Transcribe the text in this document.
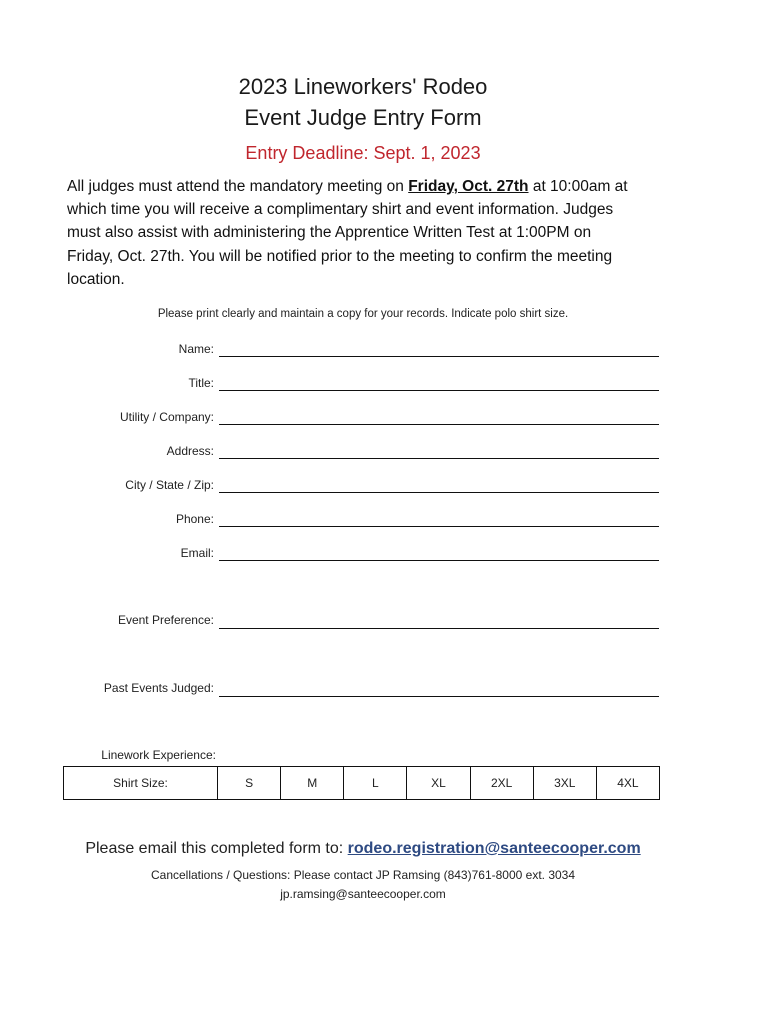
2023 Lineworkers' Rodeo
Event Judge Entry Form
Entry Deadline: Sept. 1, 2023
All judges must attend the mandatory meeting on Friday, Oct. 27th at 10:00am at
which time you will receive a complimentary shirt and event information. Judges
must also assist with administering the Apprentice Written Test at 1:00PM on
Friday, Oct. 27th. You will be notified prior to the meeting to confirm the meeting
location.
Please print clearly and maintain a copy for your records. Indicate polo shirt size.
Name:
Title:
Utility / Company:
Address:
City / State / Zip:
Phone:
Email:
Event Preference:
Past Events Judged:
Linework Experience:
Shirt Size:	S	M	L	XL	2XL	3XL	4XL
Please email this completed form to: rodeo.registration@santeecooper.com
Cancellations / Questions: Please contact JP Ramsing (843)761-8000 ext. 3034
jp.ramsing@santeecooper.com
